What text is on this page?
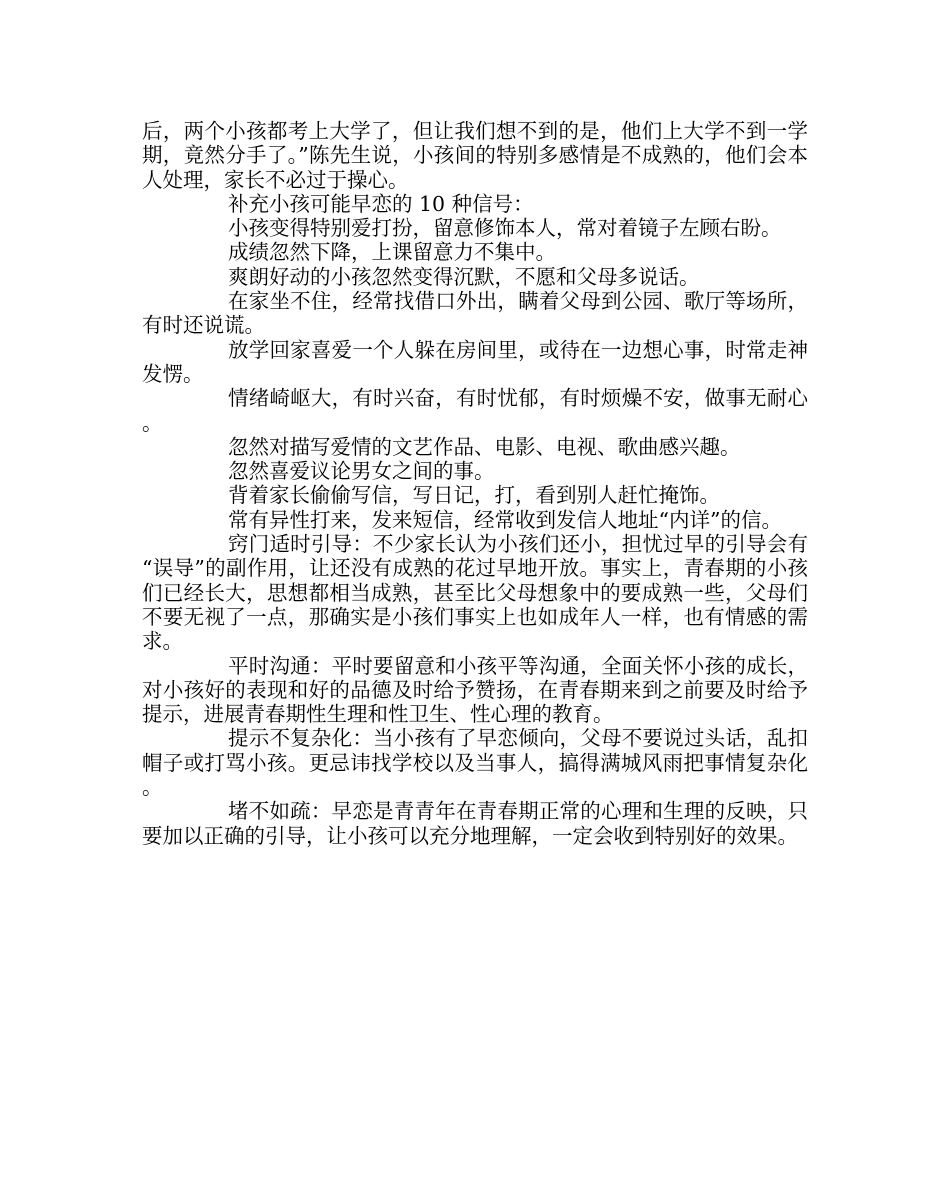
后，两个小孩都考上大学了，但让我们想不到的是，他们上大学不到一学期，竟然分手了。”陈先生说，小孩间的特别多感情是不成熟的，他们会本人处理，家长不必过于操心。

补充小孩可能早恋的 10 种信号：

小孩变得特别爱打扮，留意修饰本人，常对着镜子左顾右盼。

成绩忽然下降，上课留意力不集中。

爽朗好动的小孩忽然变得沉默，不愿和父母多说话。

在家坐不住，经常找借口外出，瞒着父母到公园、歌厅等场所，有时还说谎。

放学回家喜爱一个人躲在房间里，或待在一边想心事，时常走神发愣。

情绪崎岖大，有时兴奋，有时忧郁，有时烦燥不安，做事无耐心。

忽然对描写爱情的文艺作品、电影、电视、歌曲感兴趣。

忽然喜爱议论男女之间的事。

背着家长偷偷写信，写日记，打，看到别人赶忙掩饰。

常有异性打来，发来短信，经常收到发信人地址“内详”的信。

窍门适时引导：不少家长认为小孩们还小，担忧过早的引导会有“误导”的副作用，让还没有成熟的花过早地开放。事实上，青春期的小孩们已经长大，思想都相当成熟，甚至比父母想象中的要成熟一些，父母们不要无视了一点，那确实是小孩们事实上也如成年人一样，也有情感的需求。

平时沟通：平时要留意和小孩平等沟通，全面关怀小孩的成长，对小孩好的表现和好的品德及时给予赞扬，在青春期来到之前要及时给予提示，进展青春期性生理和性卫生、性心理的教育。

提示不复杂化：当小孩有了早恋倾向，父母不要说过头话，乱扣帽子或打骂小孩。更忌讳找学校以及当事人，搞得满城风雨把事情复杂化。

堵不如疏：早恋是青青年在青春期正常的心理和生理的反映，只要加以正确的引导，让小孩可以充分地理解，一定会收到特别好的效果。
